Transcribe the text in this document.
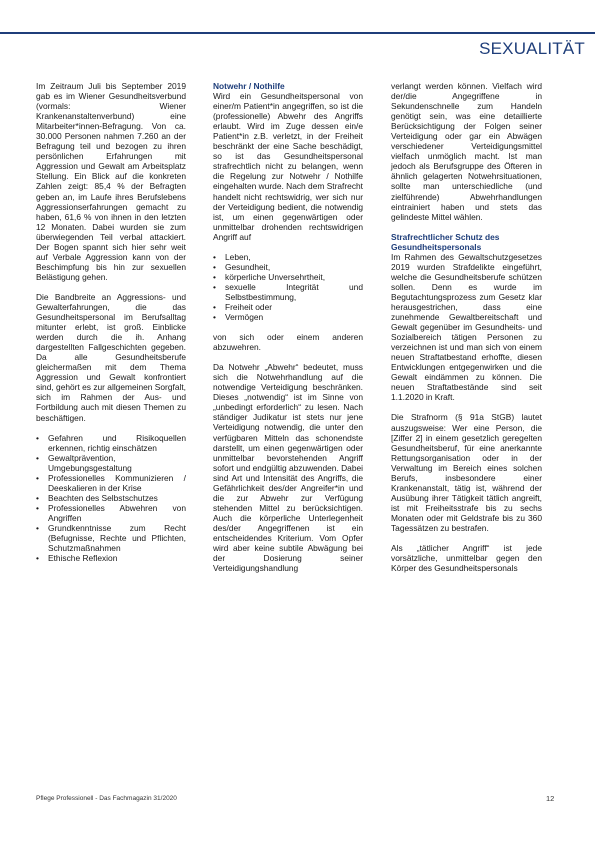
SEXUALITÄT

Im Zeitraum Juli bis September 2019 gab es im Wiener Gesundheitsverbund (vormals: Wiener Krankenanstaltenverbund) eine Mitarbeiter*innen-Befragung. Von ca. 30.000 Personen nahmen 7.260 an der Befragung teil und bezogen zu ihren persönlichen Erfahrungen mit Aggression und Gewalt am Arbeitsplatz Stellung. Ein Blick auf die konkreten Zahlen zeigt: 85,4 % der Befragten geben an, im Laufe ihres Berufslebens Aggressionserfahrungen gemacht zu haben, 61,6 % von ihnen in den letzten 12 Monaten. Dabei wurden sie zum überwiegenden Teil verbal attackiert. Der Bogen spannt sich hier sehr weit auf Verbale Aggression kann von der Beschimpfung bis hin zur sexuellen Belästigung gehen.

Die Bandbreite an Aggressions- und Gewalterfahrungen, die das Gesundheitspersonal im Berufsalltag mitunter erlebt, ist groß. Einblicke werden durch die ih. Anhang dargestellten Fallgeschichten gegeben. Da alle Gesundheitsberufe gleichermaßen mit dem Thema Aggression und Gewalt konfrontiert sind, gehört es zur allgemeinen Sorgfalt, sich im Rahmen der Aus- und Fortbildung auch mit diesen Themen zu beschäftigen.

• Gefahren und Risikoquellen erkennen, richtig einschätzen
• Gewaltprävention, Umgebungsgestaltung
• Professionelles Kommunizieren / Deeskalieren in der Krise
• Beachten des Selbstschutzes
• Professionelles Abwehren von Angriffen
• Grundkenntnisse zum Recht (Befugnisse, Rechte und Pflichten, Schutzmaßnahmen
• Ethische Reflexion
Notwehr / Nothilfe

Wird ein Gesundheitspersonal von einer/m Patient*in angegriffen, so ist die (professionelle) Abwehr des Angriffs erlaubt. Wird im Zuge dessen ein/e Patient*in z.B. verletzt, in der Freiheit beschränkt der eine Sache beschädigt, so ist das Gesundheitspersonal strafrechtlich nicht zu belangen, wenn die Regelung zur Notwehr / Nothilfe eingehalten wurde. Nach dem Strafrecht handelt nicht rechtswidrig, wer sich nur der Verteidigung bedient, die notwendig ist, um einen gegenwärtigen oder unmittelbar drohenden rechtswidrigen Angriff auf

• Leben,
• Gesundheit,
• körperliche Unversehrtheit,
• sexuelle Integrität und Selbstbestimmung,
• Freiheit oder
• Vermögen

von sich oder einem anderen abzuwehren.

Da Notwehr „Abwehr“ bedeutet, muss sich die Notwehrhandlung auf die notwendige Verteidigung beschränken. Dieses „notwendig“ ist im Sinne von „unbedingt erforderlich“ zu lesen. Nach ständiger Judikatur ist stets nur jene Verteidigung notwendig, die unter den verfügbaren Mitteln das schonendste darstellt, um einen gegenwärtigen oder unmittelbar bevorstehenden Angriff sofort und endgültig abzuwenden. Dabei sind Art und Intensität des Angriffs, die Gefährlichkeit des/der Angreifer*in und die zur Abwehr zur Verfügung stehenden Mittel zu berücksichtigen. Auch die körperliche Unterlegenheit des/der Angegriffenen ist ein entscheidendes Kriterium. Vom Opfer wird aber keine subtile Abwägung bei der Dosierung seiner Verteidigungshandlung

verlangt werden können. Vielfach wird der/die Angegriffene in Sekundenschnelle zum Handeln genötigt sein, was eine detaillierte Berücksichtigung der Folgen seiner Verteidigung oder gar ein Abwägen verschiedener Verteidigungsmittel vielfach unmöglich macht. Ist man jedoch als Berufsgruppe des Öfteren in ähnlich gelagerten Notwehrsituationen, sollte man unterschiedliche (und zielführende) Abwehrhandlungen eintrainiert haben und stets das gelindeste Mittel wählen.

Strafrechtlicher Schutz des Gesundheitspersonals

Im Rahmen des Gewaltschutzgesetzes 2019 wurden Strafdelikte eingeführt, welche die Gesundheitsberufe schützen sollen. Denn es wurde im Begutachtungsprozess zum Gesetz klar herausgestrichen, dass eine zunehmende Gewaltbereitschaft und Gewalt gegenüber im Gesundheits- und Sozialbereich tätigen Personen zu verzeichnen ist und man sich von einem neuen Straftatbestand erhoffte, diesen Entwicklungen entgegenwirken und die Gewalt eindämmen zu können. Die neuen Straftatbestände sind seit 1.1.2020 in Kraft.

Die Strafnorm (§ 91a StGB) lautet auszugsweise: Wer eine Person, die [Ziffer 2] in einem gesetzlich geregelten Gesundheitsberuf, für eine anerkannte Rettungsorganisation oder in der Verwaltung im Bereich eines solchen Berufs, insbesondere einer Krankenanstalt, tätig ist, während der Ausübung ihrer Tätigkeit tätlich angreift, ist mit Freiheitsstrafe bis zu sechs Monaten oder mit Geldstrafe bis zu 360 Tagessätzen zu bestrafen.

Als „tätlicher Angriff“ ist jede vorsätzliche, unmittelbar gegen den Körper des Gesundheitspersonals

Pflege Professionell - Das Fachmagazin 31/2020	12
